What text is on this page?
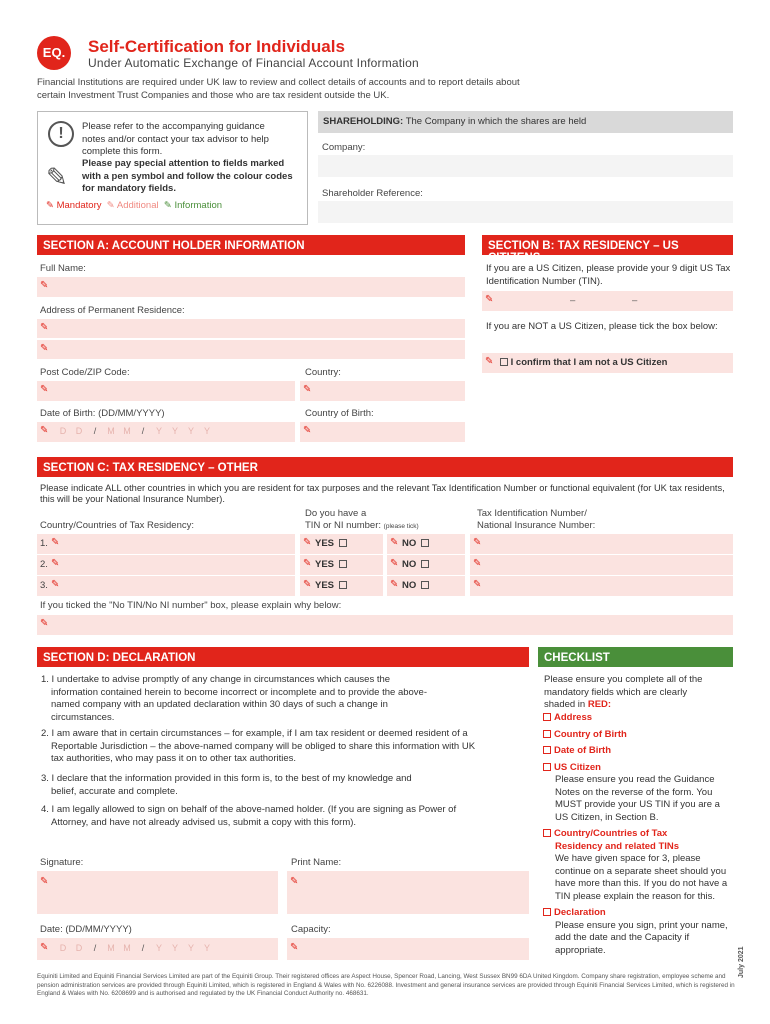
EQ.	Self-Certification for Individuals
Under Automatic Exchange of Financial Account Information
Financial Institutions are required under UK law to review and collect details of accounts and to report details about certain Investment Trust Companies and those who are tax resident outside the UK.
!	Please refer to the accompanying guidance notes and/or contact your tax advisor to help complete this form.
✎ Please pay special attention to fields marked with a pen symbol and follow the colour codes for mandatory fields.
✎ Mandatory ✎ Additional ✎ Information
SHAREHOLDING: The Company in which the shares are held
Company:
Shareholder Reference:
SECTION A: ACCOUNT HOLDER INFORMATION
Full Name:
✎
Address of Permanent Residence:
✎
✎
Post Code/ZIP Code:	Country:
✎	✎
Date of Birth: (DD/MM/YYYY)	Country of Birth:
✎	D D / M M / Y Y Y Y	✎
SECTION B: TAX RESIDENCY – US CITIZENS
If you are a US Citizen, please provide your 9 digit US Tax Identification Number (TIN).
✎	–	–
If you are NOT a US Citizen, please tick the box below:
✎	I confirm that I am not a US Citizen
SECTION C: TAX RESIDENCY – OTHER
Please indicate ALL other countries in which you are resident for tax purposes and the relevant Tax Identification Number or functional equivalent (for UK tax residents, this will be your National Insurance Number).
Country/Countries of Tax Residency:
Do you have a
TIN or NI number: (please tick)
Tax Identification Number/
National Insurance Number:
1. ✎	✎ YES	✎ NO	✎
2. ✎	✎ YES	✎ NO	✎
3. ✎	✎ YES	✎ NO	✎
If you ticked the "No TIN/No NI number" box, please explain why below:
✎
SECTION D: DECLARATION
1. I undertake to advise promptly of any change in circumstances which causes the information contained herein to become incorrect or incomplete and to provide the above-named company with an updated declaration within 30 days of such a change in circumstances.
2. I am aware that in certain circumstances – for example, if I am tax resident or deemed resident of a Reportable Jurisdiction – the above-named company will be obliged to share this information with UK tax authorities, who may pass it on to other tax authorities.
3. I declare that the information provided in this form is, to the best of my knowledge and belief, accurate and complete.
4. I am legally allowed to sign on behalf of the above-named holder. (If you are signing as Power of Attorney, and have not already advised us, submit a copy with this form).
Signature:	Print Name:
✎	✎
Date: (DD/MM/YYYY)	Capacity:
✎	D D / M M / Y Y Y Y	✎
CHECKLIST
Please ensure you complete all of the mandatory fields which are clearly shaded in RED:
Address
Country of Birth
Date of Birth
US Citizen
Please ensure you read the Guidance Notes on the reverse of the form. You MUST provide your US TIN if you are a US Citizen, in Section B.
Country/Countries of Tax Residency and related TINs
We have given space for 3, please continue on a separate sheet should you have more than this. If you do not have a TIN please explain the reason for this.
Declaration
Please ensure you sign, print your name, add the date and the Capacity if appropriate.
Equiniti Limited and Equiniti Financial Services Limited are part of the Equiniti Group. Their registered offices are Aspect House, Spencer Road, Lancing, West Sussex BN99 6DA United Kingdom. Company share registration, employee scheme and pension administration services are provided through Equiniti Limited, which is registered in England & Wales with No. 6226088. Investment and general insurance services are provided through Equiniti Financial Services Limited, which is registered in England & Wales with No. 6208699 and is authorised and regulated by the UK Financial Conduct Authority no. 468631.
July 2021
